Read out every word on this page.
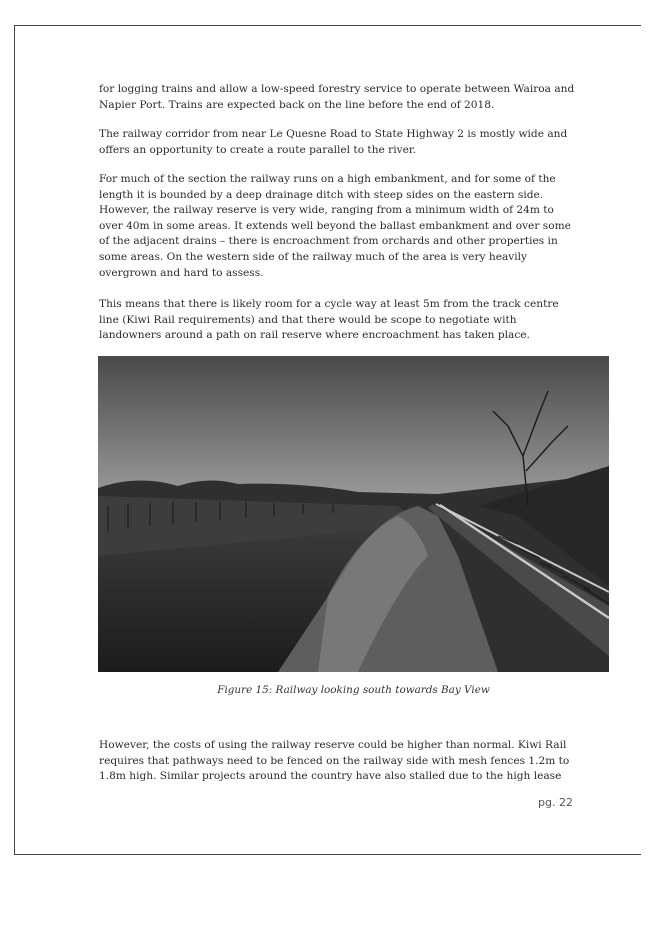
for logging trains and allow a low-speed forestry service to operate between Wairoa and Napier Port. Trains are expected back on the line before the end of 2018.

The railway corridor from near Le Quesne Road to State Highway 2 is mostly wide and offers an opportunity to create a route parallel to the river.

For much of the section the railway runs on a high embankment, and for some of the length it is bounded by a deep drainage ditch with steep sides on the eastern side. However, the railway reserve is very wide, ranging from a minimum width of 24m to over 40m in some areas. It extends well beyond the ballast embankment and over some of the adjacent drains – there is encroachment from orchards and other properties in some areas. On the western side of the railway much of the area is very heavily overgrown and hard to assess.

This means that there is likely room for a cycle way at least 5m from the track centre line (Kiwi Rail requirements) and that there would be scope to negotiate with landowners around a path on rail reserve where encroachment has taken place.

Figure 15: Railway looking south towards Bay View

However, the costs of using the railway reserve could be higher than normal. Kiwi Rail requires that pathways need to be fenced on the railway side with mesh fences 1.2m to 1.8m high. Similar projects around the country have also stalled due to the high lease

pg. 22
